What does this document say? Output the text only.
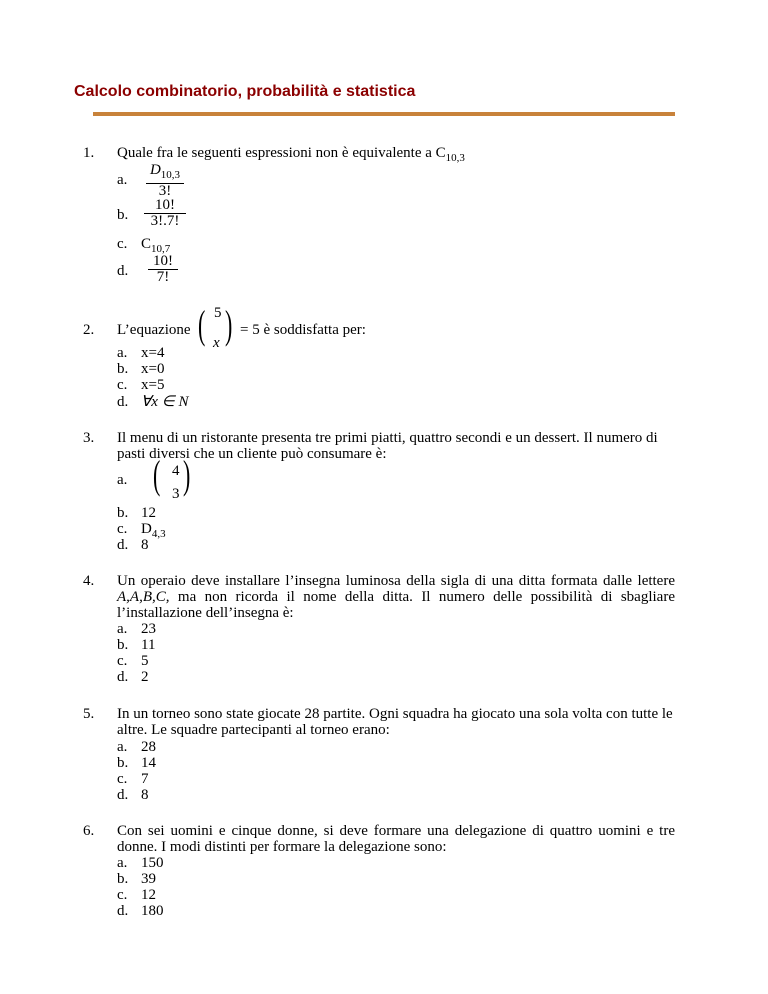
Calcolo combinatorio, probabilità e statistica
1. Quale fra le seguenti espressioni non è equivalente a $C_{10,3}$
a. $\frac{D_{10,3}}{3!}$
b. $\frac{10!}{3!.7!}$
c. $C_{10,7}$
d. $\frac{10!}{7!}$
2. L’equazione ( 5
x ) = 5 è soddisfatta per:
a. x=4
b. x=0
c. x=5
d. ∀x ∈ N
3. Il menu di un ristorante presenta tre primi piatti, quattro secondi e un dessert. Il numero di
pasti diversi che un cliente può consumare è:
a. ( 4
3 )
b. 12
c. $D_{4,3}$
d. 8
4. Un operaio deve installare l’insegna luminosa della sigla di una ditta formata dalle lettere
A,A,B,C, ma non ricorda il nome della ditta. Il numero delle possibilità di sbagliare
l’installazione dell’insegna è:
a. 23
b. 11
c. 5
d. 2
5. In un torneo sono state giocate 28 partite. Ogni squadra ha giocato una sola volta con tutte le
altre. Le squadre partecipanti al torneo erano:
a. 28
b. 14
c. 7
d. 8
6. Con sei uomini e cinque donne, si deve formare una delegazione di quattro uomini e tre
donne. I modi distinti per formare la delegazione sono:
a. 150
b. 39
c. 12
d. 180
